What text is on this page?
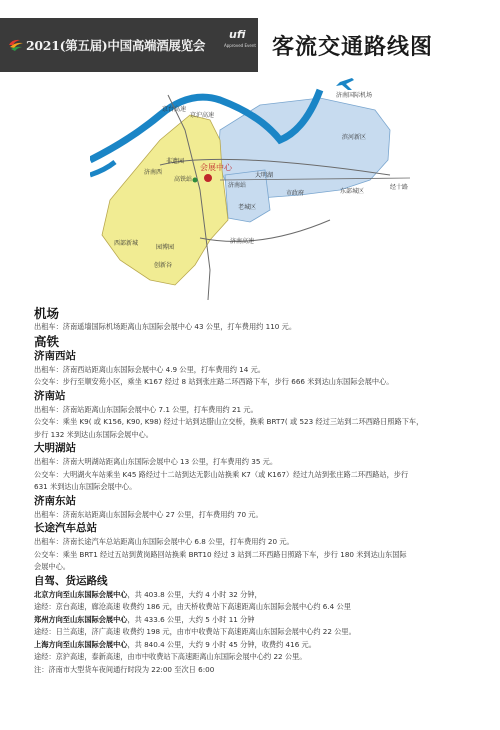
2021(第五届)中国高端酒展览会
ufi
Approved Event 客流交通路线图
京台高速
京沪高速
非遗园
济南西
会展中心
高铁站
大明湖
济南站
市政府	东部城区
老城区
滨河新区
济南国际机场
西部新城
园博园
创新谷
济南高速
经十路

机场

出租车：济南遥墙国际机场距离山东国际会展中心 43 公里，打车费用约 110 元。

高铁

济南西站

出租车：济南西站距离山东国际会展中心 4.9 公里，打车费用约 14 元。

公交车：步行至顺安苑小区，乘坐 K167 经过 8 站到张庄路二环西路下车，步行 666 米到达山东国际会展中心。

济南站

出租车：济南站距离山东国际会展中心 7.1 公里，打车费用约 21 元。

公交车：乘坐 K9( 或 K156, K90, K98) 经过十站到达腊山立交桥，换乘 BRT7( 或 523 经过三站到二环西路日照路下车，

步行 132 米到达山东国际会展中心。

大明湖站

出租车：济南大明湖站距离山东国际会展中心 13 公里，打车费用约 35 元。

公交车：大明湖火车站乘坐 K45 路经过十二站到达无影山站换乘 K7（或 K167）经过九站到张庄路二环西路站，步行

631 米到达山东国际会展中心。

济南东站

出租车：济南东站距离山东国际会展中心 27 公里，打车费用约 70 元。

长途汽车总站

出租车：济南长途汽车总站距离山东国际会展中心 6.8 公里，打车费用约 20 元。

公交车：乘坐 BRT1 经过五站到黄岗路回站换乘 BRT10 经过 3 站到二环西路日照路下车，步行 180 米到达山东国际

会展中心。

自驾、货运路线

北京方向至山东国际会展中心，共 403.8 公里，大约 4 小时 32 分钟，

途经：京台高速，廊沧高速 收费约 186 元，由天桥收费站下高速距离山东国际会展中心约 6.4 公里

郑州方向至山东国际会展中心，共 433.6 公里，大约 5 小时 11 分钟

途经：日兰高速，济广高速 收费约 198 元，由市中收费站下高速距离山东国际会展中心约 22 公里。

上海方向至山东国际会展中心，共 840.4 公里，大约 9 小时 45 分钟，收费约 416 元。

途经：京沪高速，泰新高速，由市中收费站下高速距离山东国际会展中心约 22 公里。

注：济南市大型货车夜间通行时段为 22:00 至次日 6:00
